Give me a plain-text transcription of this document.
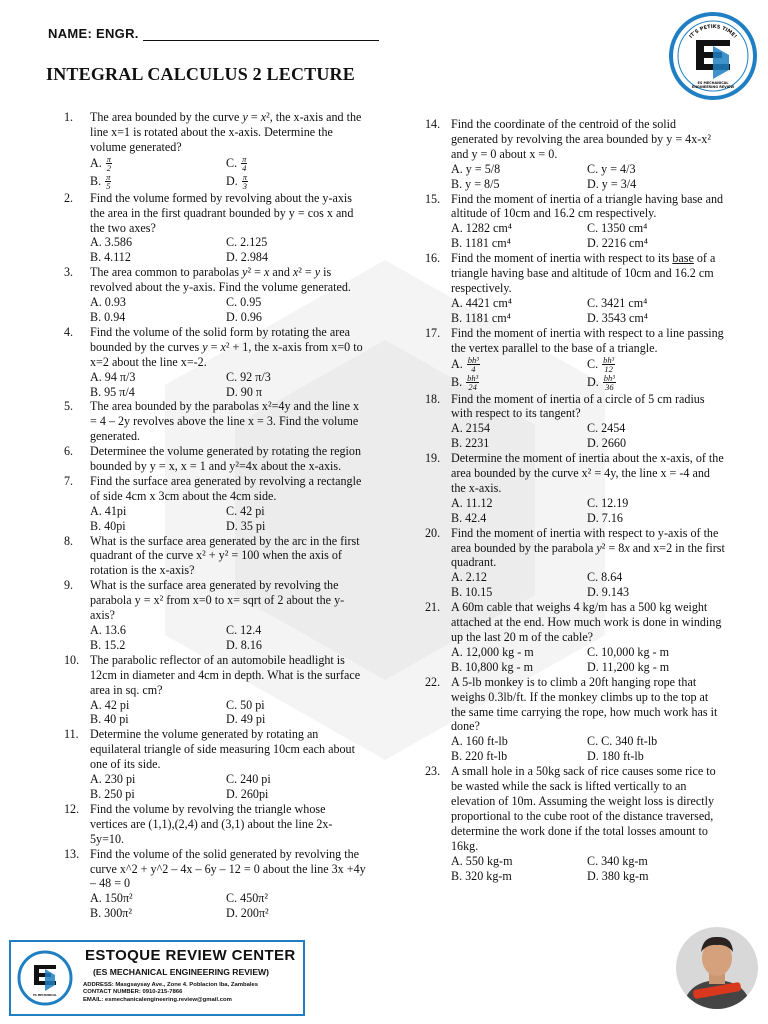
NAME: ENGR.
INTEGRAL CALCULUS 2 LECTURE
IT'S PETIKS TIME!
ES MECHANICAL
ENGINEERING REVIEW
1. The area bounded by the curve y = x², the x-axis and the line x=1 is rotated about the x-axis. Determine the volume generated?
A. $\frac{\pi}{2}$	C. $\frac{\pi}{4}$
B. $\frac{\pi}{5}$	D. $\frac{\pi}{3}$
2. Find the volume formed by revolving about the y-axis the area in the first quadrant bounded by y = cos x and the two axes?
A. 3.586	C. 2.125
B. 4.112	D. 2.984
3. The area common to parabolas y² = x and x² = y is revolved about the y-axis. Find the volume generated.
A. 0.93	C. 0.95
B. 0.94	D. 0.96
4. Find the volume of the solid form by rotating the area bounded by the curves y = x² + 1, the x-axis from x=0 to x=2 about the line x=-2.
A. 94 π/3	C. 92 π/3
B. 95 π/4	D. 90 π
5. The area bounded by the parabolas x²=4y and the line x = 4 – 2y revolves above the line x = 3. Find the volume generated.
6. Determinee the volume generated by rotating the region bounded by y = x, x = 1 and y²=4x about the x-axis.
7. Find the surface area generated by revolving a rectangle of side 4cm x 3cm about the 4cm side.
A. 41pi	C. 42 pi
B. 40pi	D. 35 pi
8. What is the surface area generated by the arc in the first quadrant of the curve x² + y² = 100 when the axis of rotation is the x-axis?
9. What is the surface area generated by revolving the parabola y = x² from x=0 to x= sqrt of 2 about the y-axis?
A. 13.6	C. 12.4
B. 15.2	D. 8.16
10. The parabolic reflector of an automobile headlight is 12cm in diameter and 4cm in depth. What is the surface area in sq. cm?
A. 42 pi	C. 50 pi
B. 40 pi	D. 49 pi
11. Determine the volume generated by rotating an equilateral triangle of side measuring 10cm each about one of its side.
A. 230 pi	C. 240 pi
B. 250 pi	D. 260pi
12. Find the volume by revolving the triangle whose vertices are (1,1),(2,4) and (3,1) about the line 2x-5y=10.
13. Find the volume of the solid generated by revolving the curve x^2 + y^2 – 4x – 6y – 12 = 0 about the line 3x +4y – 48 = 0
A. 150π²	C. 450π²
B. 300π²	D. 200π²
14. Find the coordinate of the centroid of the solid generated by revolving the area bounded by y = 4x-x² and y = 0 about x = 0.
A. y = 5/8	C. y = 4/3
B. y = 8/5	D. y = 3/4
15. Find the moment of inertia of a triangle having base and altitude of 10cm and 16.2 cm respectively.
A. 1282 cm⁴	C. 1350 cm⁴
B. 1181 cm⁴	D. 2216 cm⁴
16. Find the moment of inertia with respect to its base of a triangle having base and altitude of 10cm and 16.2 cm respectively.
A. 4421 cm⁴	C. 3421 cm⁴
B. 1181 cm⁴	D. 3543 cm⁴
17. Find the moment of inertia with respect to a line passing the vertex parallel to the base of a triangle.
A. $\frac{\text{bh³}}{4}$	C. $\frac{\text{bh³}}{12}$
B. $\frac{\text{bh³}}{24}$	D. $\frac{\text{bh³}}{36}$
18. Find the moment of inertia of a circle of 5 cm radius with respect to its tangent?
A. 2154	C. 2454
B. 2231	D. 2660
19. Determine the moment of inertia about the x-axis, of the area bounded by the curve x² = 4y, the line x = -4 and the x-axis.
A. 11.12	C. 12.19
B. 42.4	D. 7.16
20. Find the moment of inertia with respect to y-axis of the area bounded by the parabola y² = 8x and x=2 in the first quadrant.
A. 2.12	C. 8.64
B. 10.15	D. 9.143
21. A 60m cable that weighs 4 kg/m has a 500 kg weight attached at the end. How much work is done in winding up the last 20 m of the cable?
A. 12,000 kg - m	C. 10,000 kg - m
B. 10,800 kg - m	D. 11,200 kg - m
22. A 5-lb monkey is to climb a 20ft hanging rope that weighs 0.3lb/ft. If the monkey climbs up to the top at the same time carrying the rope, how much work has it done?
A. 160 ft-lb	C. C. 340 ft-lb
B. 220 ft-lb	D. 180 ft-lb
23. A small hole in a 50kg sack of rice causes some rice to be wasted while the sack is lifted vertically to an elevation of 10m. Assuming the weight loss is directly proportional to the cube root of the distance traversed, determine the work done if the total losses amount to 16kg.
A. 550 kg-m	C. 340 kg-m
B. 320 kg-m	D. 380 kg-m
ES MECHANICAL
ESTOQUE REVIEW CENTER
(ES MECHANICAL ENGINEERING REVIEW)
ADDRESS: Masgsaysay Ave., Zone 4. Poblacion Iba, Zambales
CONTACT NUMBER: 0910-215-7866
EMAIL: esmechanicalengineering.review@gmail.com
